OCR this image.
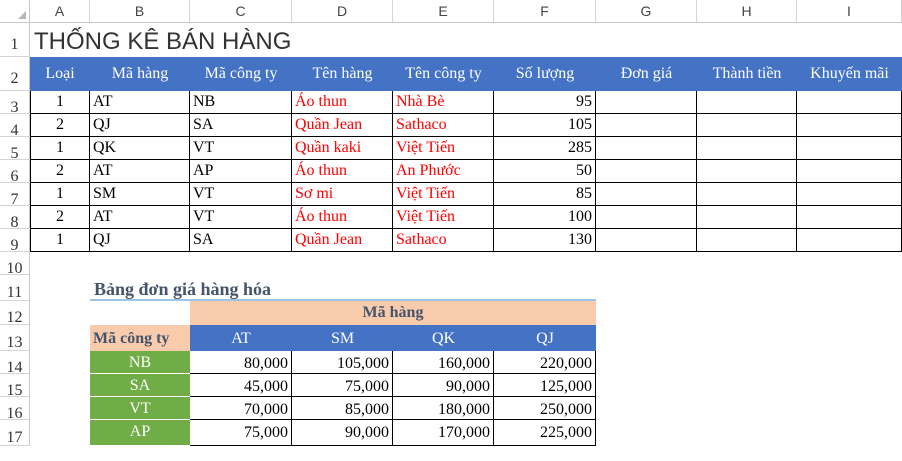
A	B	C	D	E	F	G	H	I
1
2
3
4
5
6
7
8
9
10
11
12
13
14
15
16
17
THỐNG KÊ BÁN HÀNG
Loại	Mã hàng	Mã công ty	Tên hàng	Tên công ty	Số lượng	Đơn giá	Thành tiền	Khuyến mãi
1	AT	NB	Áo thun	Nhà Bè	95
2	QJ	SA	Quần Jean	Sathaco	105
1	QK	VT	Quần kaki	Việt Tiến	285
2	AT	AP	Áo thun	An Phước	50
1	SM	VT	Sơ mi	Việt Tiến	85
2	AT	VT	Áo thun	Việt Tiến	100
1	QJ	SA	Quần Jean	Sathaco	130
Bảng đơn giá hàng hóa
Mã hàng
Mã công ty	AT	SM	QK	QJ
NB	80,000	105,000	160,000	220,000
SA	45,000	75,000	90,000	125,000
VT	70,000	85,000	180,000	250,000
AP	75,000	90,000	170,000	225,000
